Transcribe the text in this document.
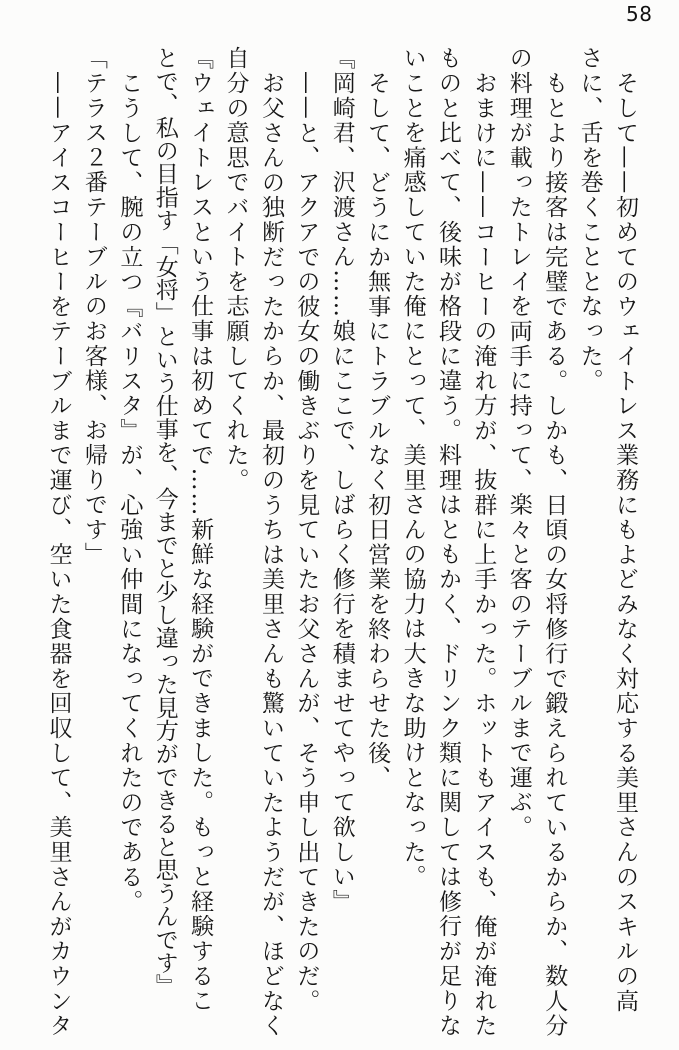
58

そして——初めてのウェイトレス業務にもよどみなく対応する美里さんのスキルの高

さに、舌を巻くこととなった。

もとより接客は完璧である。しかも、日頃の女将修行で鍛えられているからか、数人分

の料理が載ったトレイを両手に持って、楽々と客のテーブルまで運ぶ。

おまけに——コーヒーの淹れ方が、抜群に上手かった。ホットもアイスも、俺が淹れた

ものと比べて、後味が格段に違う。料理はともかく、ドリンク類に関しては修行が足りな

いことを痛感していた俺にとって、美里さんの協力は大きな助けとなった。

そして、どうにか無事にトラブルなく初日営業を終わらせた後、

『岡崎君、沢渡さん……娘にここで、しばらく修行を積ませてやって欲しい』

——と、アクアでの彼女の働きぶりを見ていたお父さんが、そう申し出てきたのだ。

お父さんの独断だったからか、最初のうちは美里さんも驚いていたようだが、ほどなく

自分の意思でバイトを志願してくれた。

『ウェイトレスという仕事は初めてで……新鮮な経験ができました。もっと経験するこ

とで、私の目指す「女将」という仕事を、今までと少し違った見方ができると思うんです』

こうして、腕の立つ『バリスタ』が、心強い仲間になってくれたのである。

「テラス２番テーブルのお客様、お帰りです」

——アイスコーヒーをテーブルまで運び、空いた食器を回収して、美里さんがカウンタ
